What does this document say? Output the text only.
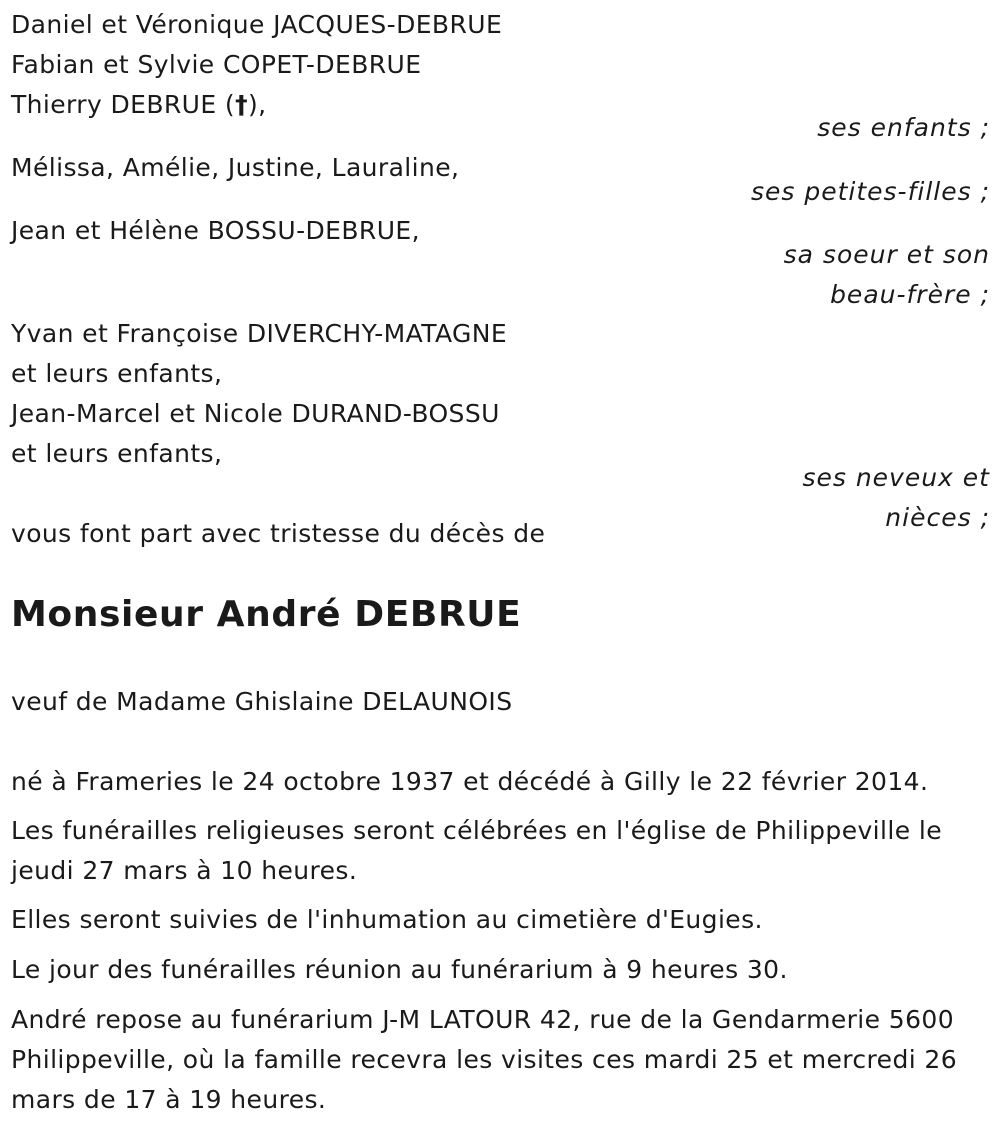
Daniel et Véronique JACQUES-DEBRUE
Fabian et Sylvie COPET-DEBRUE
Thierry DEBRUE (†),
ses enfants ;
Mélissa, Amélie, Justine, Lauraline,
ses petites-filles ;
Jean et Hélène BOSSU-DEBRUE,
sa soeur et son
beau-frère ;
Yvan et Françoise DIVERCHY-MATAGNE
et leurs enfants,
Jean-Marcel et Nicole DURAND-BOSSU
et leurs enfants,
ses neveux et
nièces ;
vous font part avec tristesse du décès de
Monsieur André DEBRUE
veuf de Madame Ghislaine DELAUNOIS
né à Frameries le 24 octobre 1937 et décédé à Gilly le 22 février 2014.
Les funérailles religieuses seront célébrées en l'église de Philippeville le
jeudi 27 mars à 10 heures.
Elles seront suivies de l'inhumation au cimetière d'Eugies.
Le jour des funérailles réunion au funérarium à 9 heures 30.
André repose au funérarium J-M LATOUR 42, rue de la Gendarmerie 5600
Philippeville, où la famille recevra les visites ces mardi 25 et mercredi 26
mars de 17 à 19 heures.
